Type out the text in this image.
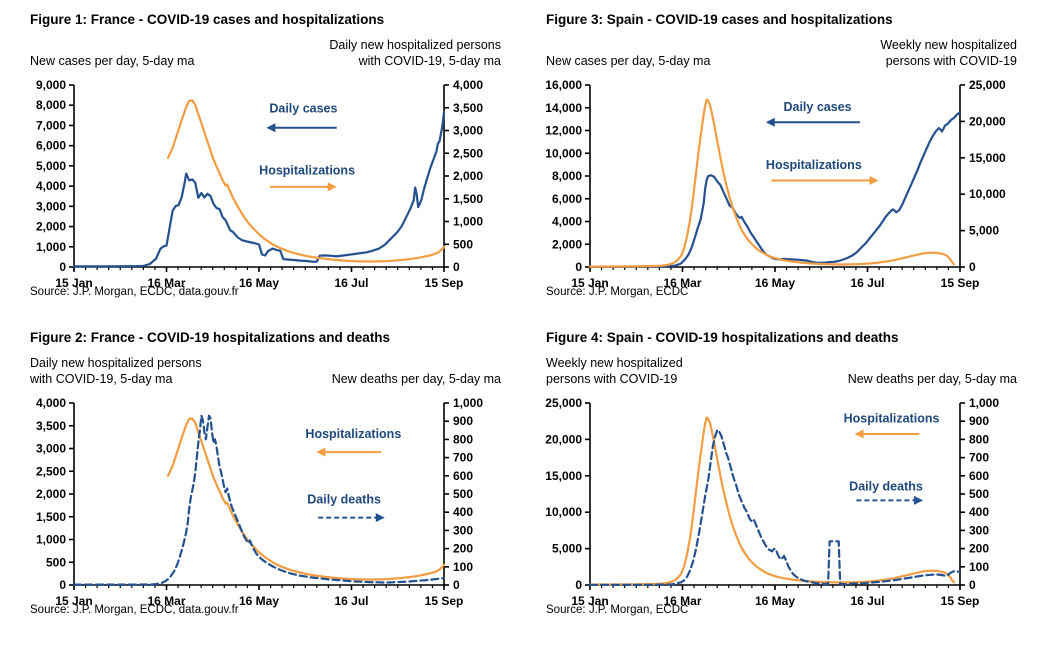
Figure 1: France - COVID-19 cases and hospitalizations
New cases per day, 5-day ma
Daily new hospitalized persons
with COVID-19, 5-day ma
0
1,000
2,000
3,000
4,000
5,000
6,000
7,000
8,000
9,000
0
500
1,000
1,500
2,000
2,500
3,000
3,500
4,000
15 Jan	16 Mar	16 May	16 Jul	15 Sep
Daily cases
Hospitalizations
Source: J.P. Morgan, ECDC, data.gouv.fr
Figure 3: Spain - COVID-19 cases and hospitalizations
New cases per day, 5-day ma
Weekly new hospitalized
persons with COVID-19
0
2,000
4,000
6,000
8,000
10,000
12,000
14,000
16,000
0
5,000
10,000
15,000
20,000
25,000
15 Jan	16 Mar	16 May	16 Jul	15 Sep
Daily cases
Hospitalizations
Source: J.P. Morgan, ECDC
Figure 2: France - COVID-19 hospitalizations and deaths
Daily new hospitalized persons
with COVID-19, 5-day ma	New deaths per day, 5-day ma
0
500
1,000
1,500
2,000
2,500
3,000
3,500
4,000
0
100
200
300
400
500
600
700
800
900
1,000
15 Jan	16 Mar	16 May	16 Jul	15 Sep
Hospitalizations
Daily deaths
Source: J.P. Morgan, ECDC, data.gouv.fr
Figure 4: Spain - COVID-19 hospitalizations and deaths
Weekly new hospitalized
persons with COVID-19	New deaths per day, 5-day ma
0
5,000
10,000
15,000
20,000
25,000
0
100
200
300
400
500
600
700
800
900
1,000
15 Jan	16 Mar	16 May	16 Jul	15 Sep
Hospitalizations
Daily deaths
Source: J.P. Morgan, ECDC
